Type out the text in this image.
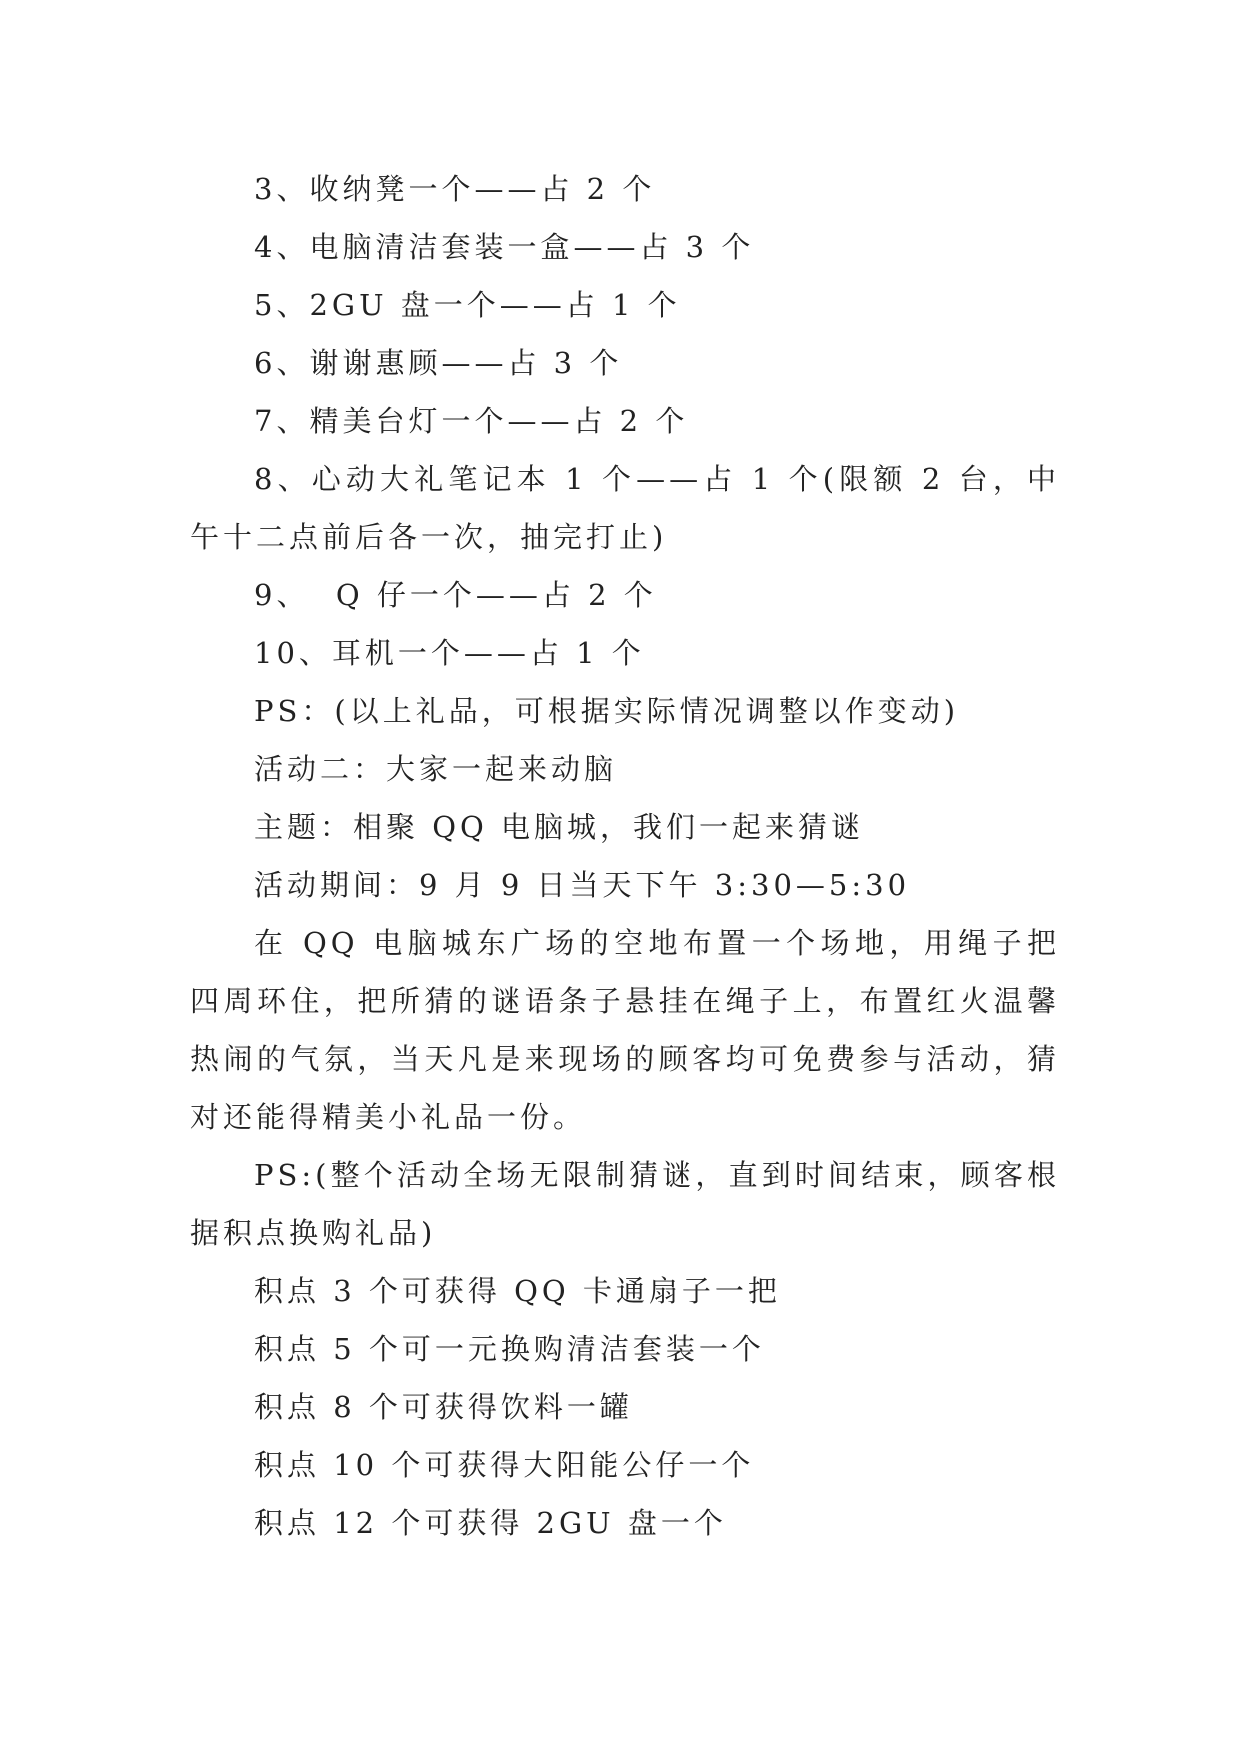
3、收纳凳一个——占 2 个

4、电脑清洁套装一盒——占 3 个

5、2GU 盘一个——占 1 个

6、谢谢惠顾——占 3 个

7、精美台灯一个——占 2 个

8、心动大礼笔记本 1 个——占 1 个(限额 2 台，中午十二点前后各一次，抽完打止)

9、  Q 仔一个——占 2 个

10、耳机一个——占 1 个

PS：(以上礼品，可根据实际情况调整以作变动)

活动二：大家一起来动脑

主题：相聚 QQ 电脑城，我们一起来猜谜

活动期间：9 月 9 日当天下午 3:30—5:30

在 QQ 电脑城东广场的空地布置一个场地，用绳子把四周环住，把所猜的谜语条子悬挂在绳子上，布置红火温馨热闹的气氛，当天凡是来现场的顾客均可免费参与活动，猜对还能得精美小礼品一份。

PS:(整个活动全场无限制猜谜，直到时间结束，顾客根据积点换购礼品)

积点 3 个可获得 QQ 卡通扇子一把

积点 5 个可一元换购清洁套装一个

积点 8 个可获得饮料一罐

积点 10 个可获得大阳能公仔一个

积点 12 个可获得 2GU 盘一个
